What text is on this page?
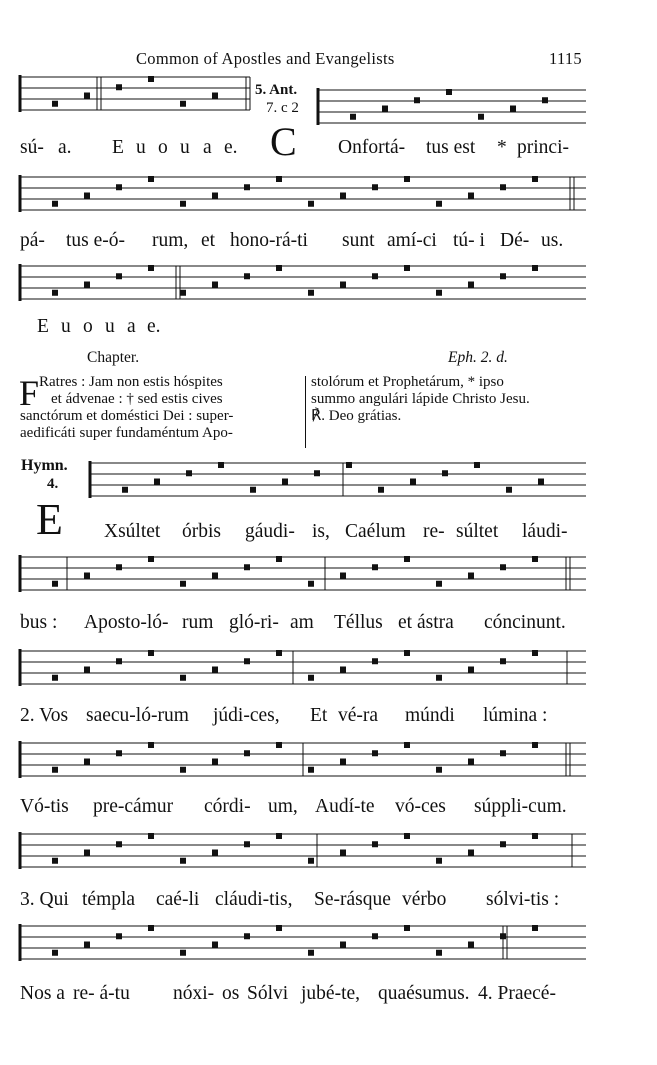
Common of Apostles and Evangelists	1115
5. Ant.
7. c 2
C
sú- a. E u o u a e.	Onfortá- tus est * princi-
pá- tus e-ó- rum, et hono-rá-ti sunt amí-ci tú- i Dé- us.
E u o u a e.
Chapter.	Eph. 2. d.
F Ratres : Jam non estis hóspites
et ádvenae : † sed estis cives
sanctórum et doméstici Dei : super-
aedificáti super fundaméntum Apo-
stolórum et Prophetárum, * ipso
summo angulári lápide Christo Jesu.
℟. Deo grátias.
Hymn.
4.
E Xsúltet órbis gáudi- is, Caélum re- súltet láudi-
bus : Aposto-ló- rum gló-ri- am Téllus et ástra cóncinunt.
2. Vos saecu-ló-rum júdi-ces, Et vé-ra múndi lúmina :
Vó-tis pre-cámur córdi- um, Audí-te vó-ces súppli-cum.
3. Qui témpla caé-li cláudi-tis, Se-rásque vérbo sólvi-tis :
Nos a re- á-tu nóxi- os Sólvi jubé-te, quaésumus. 4. Praecé-
